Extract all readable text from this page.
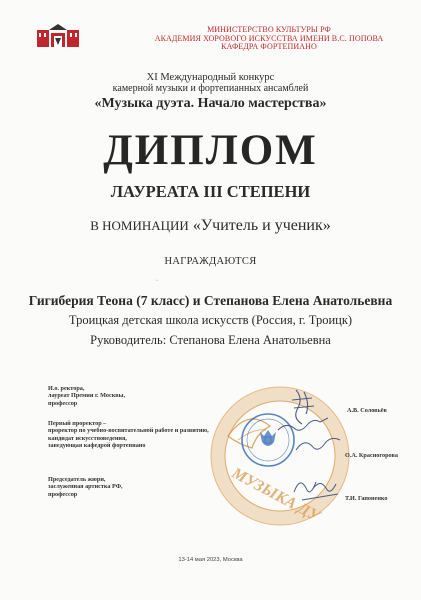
МИНИСТЕРСТВО КУЛЬТУРЫ РФ
АКАДЕМИЯ ХОРОВОГО ИСКУССТВА ИМЕНИ В.С. ПОПОВА
КАФЕДРА ФОРТЕПИАНО
XI Международный конкурс
камерной музыки и фортепианных ансамблей
«Музыка дуэта. Начало мастерства»
ДИПЛОМ
ЛАУРЕАТА III СТЕПЕНИ
В НОМИНАЦИИ «Учитель и ученик»
НАГРАЖДАЮТСЯ
·
Гигиберия Теона (7 класс) и Степанова Елена Анатольевна
Троицкая детская школа искусств (Россия, г. Троицк)
Руководитель: Степанова Елена Анатольевна
МУЗЫКА ДУ
И.о. ректора,
лауреат Премии г. Москвы,
профессор
А.В. Соловьёв
Первый проректор –
проректор по учебно-воспитательной работе и развитию,
кандидат искусствоведения,
заведующая кафедрой фортепиано
О.А. Красногорова
Председатель жюри,
заслуженная артистка РФ,
профессор
Т.И. Гапоненко
13-14 мая 2023, Москва
